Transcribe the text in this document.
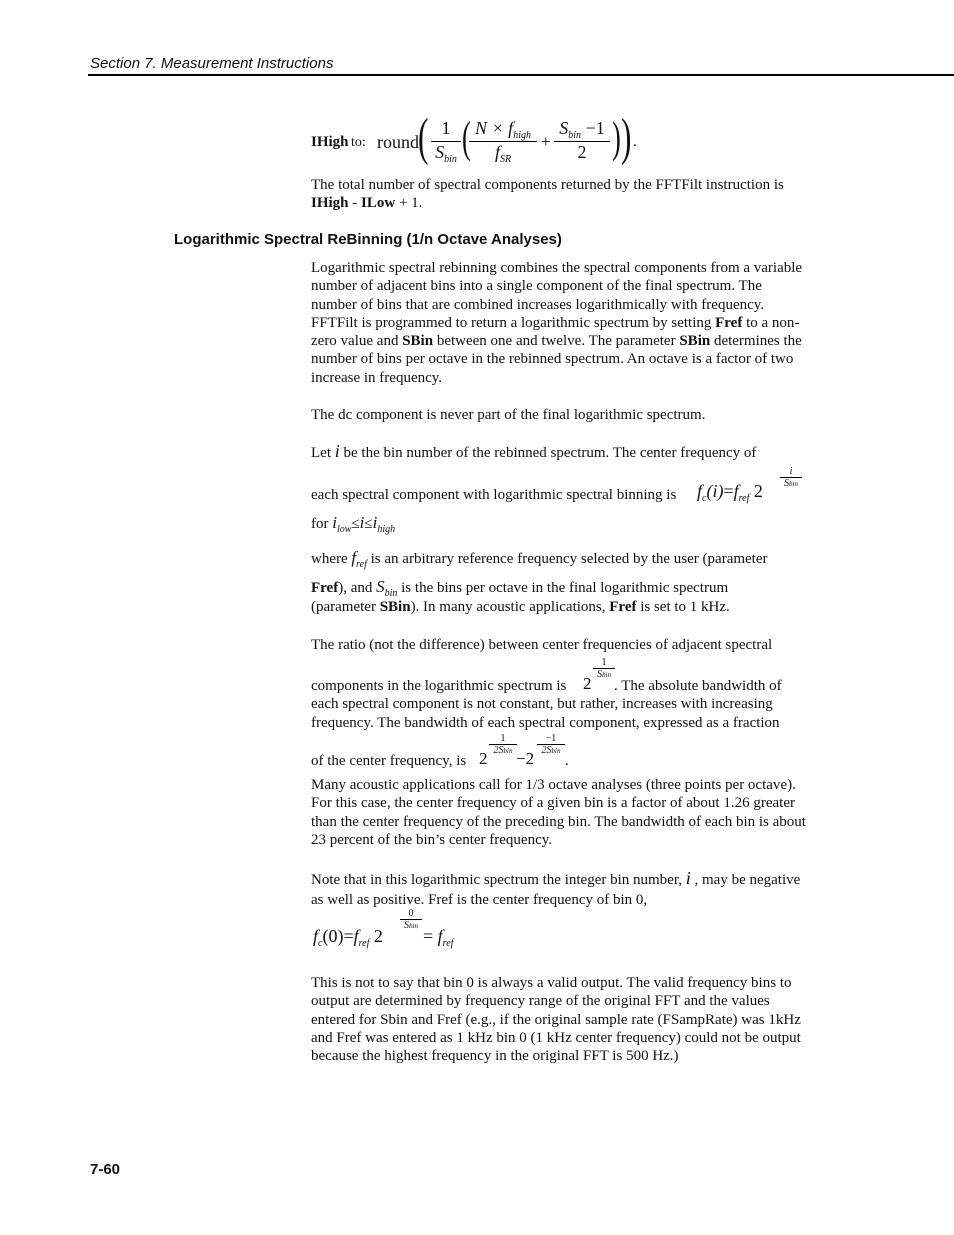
Section 7. Measurement Instructions
IHigh to: round ( 1
$S_{bin}$ ( $N \times f_{high}$
$f_{SR}$
+
$S_{bin} -1$
2 ) ) .

The total number of spectral components returned by the FFTFilt instruction is
IHigh - ILow + 1.

Logarithmic Spectral ReBinning (1/n Octave Analyses)

Logarithmic spectral rebinning combines the spectral components from a variable number of adjacent bins into a single component of the final spectrum. The number of bins that are combined increases logarithmically with frequency. FFTFilt is programmed to return a logarithmic spectrum by setting Fref to a non-zero value and SBin between one and twelve. The parameter SBin determines the number of bins per octave in the rebinned spectrum. An octave is a factor of two increase in frequency.

The dc component is never part of the final logarithmic spectrum.
Let i be the bin number of the rebinned spectrum. The center frequency of
each spectral component with logarithmic spectral binning is $f_c(i)=f_{ref}$ 2
i
Sbin
for $i_{low}\le i\le i_{high}$

where $f_{ref}$ is an arbitrary reference frequency selected by the user (parameter
Fref), and $S_{bin}$ is the bins per octave in the final logarithmic spectrum

(parameter SBin). In many acoustic applications, Fref is set to 1 kHz.
The ratio (not the difference) between center frequencies of adjacent spectral
components in the logarithmic spectrum is 2
1
Sbin

. The absolute bandwidth of each spectral component is not constant, but rather, increases with increasing frequency. The bandwidth of each spectral component, expressed as a fraction

of the center frequency, is 2
1
2Sbin −2
−1
2Sbin
.
Many acoustic applications call for 1/3 octave analyses (three points per octave). For this case, the center frequency of a given bin is a factor of about 1.26 greater than the center frequency of the preceding bin. The bandwidth of each bin is about 23 percent of the bin’s center frequency.

Note that in this logarithmic spectrum the integer bin number, i , may be negative as well as positive. Fref is the center frequency of bin 0,

$f_c(0)=f_{ref}$ 2
0
Sbin = $f_{ref}$
This is not to say that bin 0 is always a valid output. The valid frequency bins to output are determined by frequency range of the original FFT and the values entered for Sbin and Fref (e.g., if the original sample rate (FSampRate) was 1kHz and Fref was entered as 1 kHz bin 0 (1 kHz center frequency) could not be output because the highest frequency in the original FFT is 500 Hz.)
7-60
